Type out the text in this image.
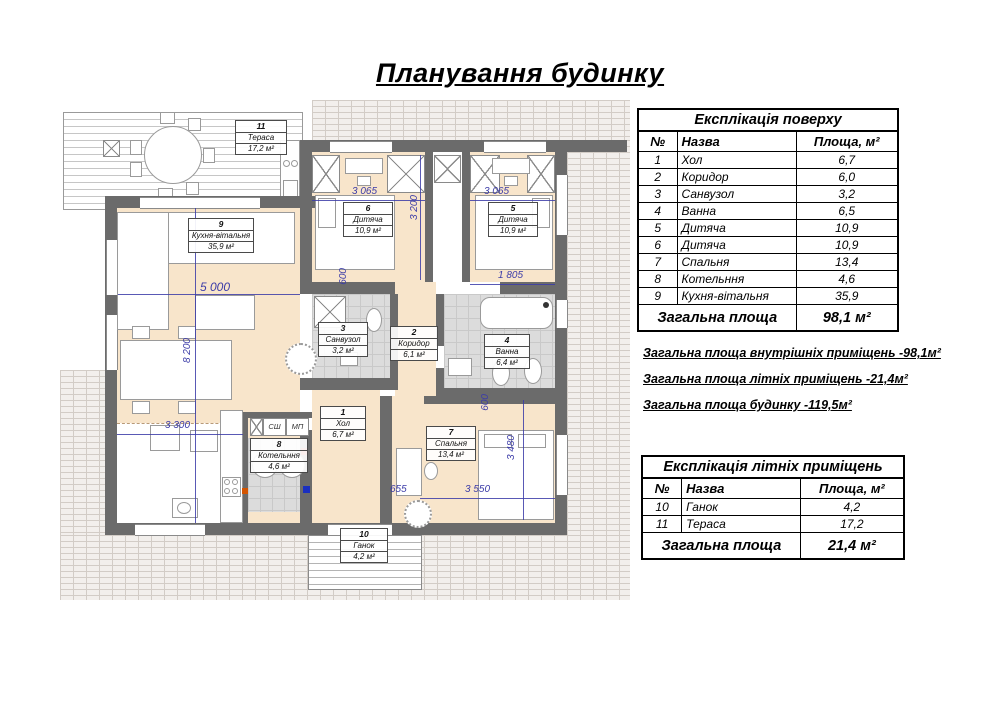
Планування будинку
СШ	МП
11
Тераса
17,2 м²
9
Кухня-вітальня
35,9 м²
6
Дитяча
10,9 м²
5
Дитяча
10,9 м²
3
Санвузол
3,2 м²
2
Коридор
6,1 м²
4
Ванна
6,4 м²
1
Хол
6,7 м²
8
Котельння
4,6 м²
7
Спальня
13,4 м²
10
Ганок
4,2 м²
5 000
8 200
3 300
3 065	3 065
3 200
1 805
600
600
655	3 550
3 480
Експлікація поверху		
№	Назва	Площа, м²
1	Хол	6,7
2	Коридор	6,0
3	Санвузол	3,2
4	Ванна	6,5
5	Дитяча	10,9
6	Дитяча	10,9
7	Спальня	13,4
8	Котельння	4,6
9	Кухня-вітальня	35,9
Загальна площа		98,1 м²
Загальна площа внутрішніх приміщень -98,1м²
Загальна площа літніх приміщень -21,4м²
Загальна площа будинку -119,5м²
Експлікація літніх приміщень		
№	Назва	Площа, м²
10	Ганок	4,2
11	Тераса	17,2
Загальна площа		21,4 м²
